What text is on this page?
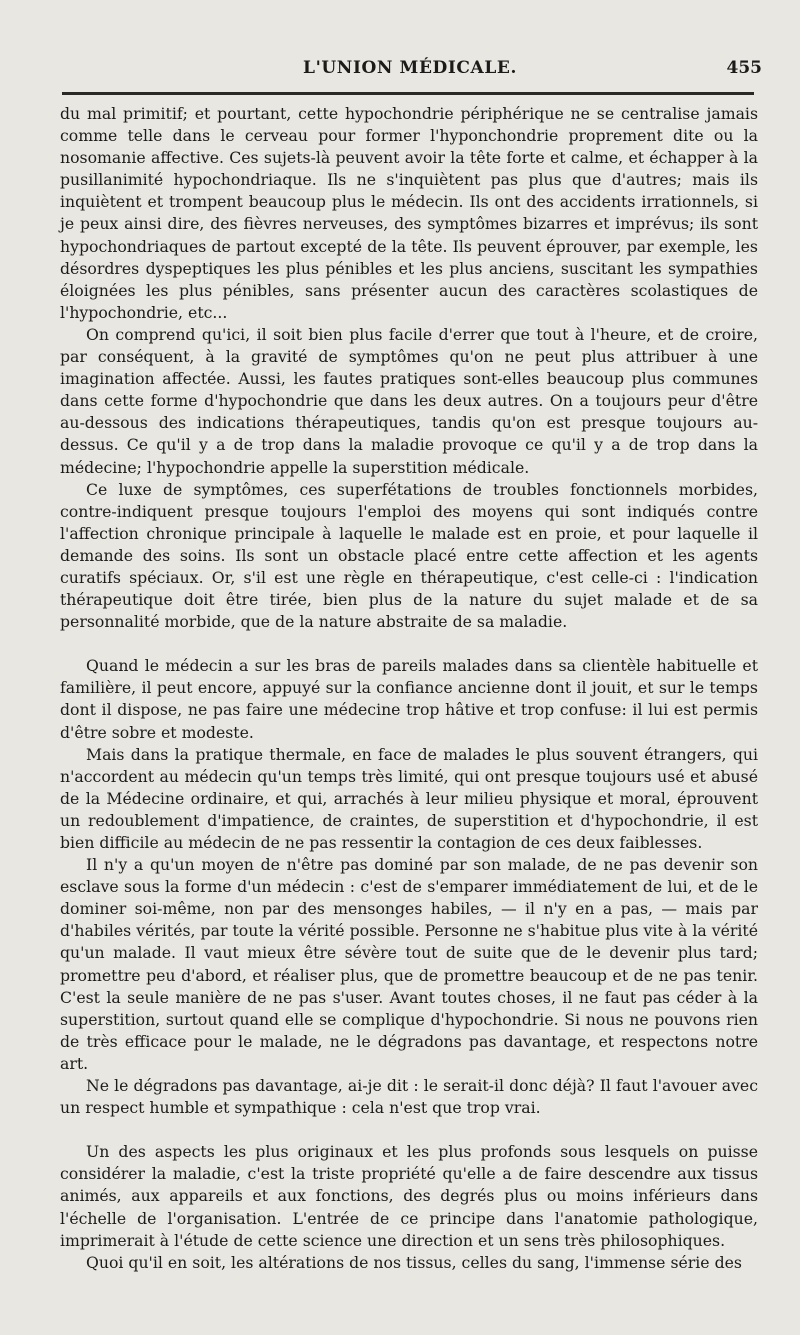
L'UNION MÉDICALE.	455

du mal primitif; et pourtant, cette hypochondrie périphérique ne se centralise jamais comme telle dans le cerveau pour former l'hyponchondrie proprement dite ou la nosomanie affective. Ces sujets-là peuvent avoir la tête forte et calme, et échapper à la pusillanimité hypochondriaque. Ils ne s'inquiètent pas plus que d'autres; mais ils inquiètent et trompent beaucoup plus le médecin. Ils ont des accidents irrationnels, si je peux ainsi dire, des fièvres nerveuses, des symptômes bizarres et imprévus; ils sont hypochondriaques de partout excepté de la tête. Ils peuvent éprouver, par exemple, les désordres dyspeptiques les plus pénibles et les plus anciens, suscitant les sympathies éloignées les plus pénibles, sans présenter aucun des caractères scolastiques de l'hypochondrie, etc...

On comprend qu'ici, il soit bien plus facile d'errer que tout à l'heure, et de croire, par conséquent, à la gravité de symptômes qu'on ne peut plus attribuer à une imagination affectée. Aussi, les fautes pratiques sont-elles beaucoup plus communes dans cette forme d'hypochondrie que dans les deux autres. On a toujours peur d'être au-dessous des indications thérapeutiques, tandis qu'on est presque toujours au-dessus. Ce qu'il y a de trop dans la maladie provoque ce qu'il y a de trop dans la médecine; l'hypochondrie appelle la superstition médicale.

Ce luxe de symptômes, ces superfétations de troubles fonctionnels morbides, contre-indiquent presque toujours l'emploi des moyens qui sont indiqués contre l'affection chronique principale à laquelle le malade est en proie, et pour laquelle il demande des soins. Ils sont un obstacle placé entre cette affection et les agents curatifs spéciaux. Or, s'il est une règle en thérapeutique, c'est celle-ci : l'indication thérapeutique doit être tirée, bien plus de la nature du sujet malade et de sa personnalité morbide, que de la nature abstraite de sa maladie.

Quand le médecin a sur les bras de pareils malades dans sa clientèle habituelle et familière, il peut encore, appuyé sur la confiance ancienne dont il jouit, et sur le temps dont il dispose, ne pas faire une médecine trop hâtive et trop confuse: il lui est permis d'être sobre et modeste.

Mais dans la pratique thermale, en face de malades le plus souvent étrangers, qui n'accordent au médecin qu'un temps très limité, qui ont presque toujours usé et abusé de la Médecine ordinaire, et qui, arrachés à leur milieu physique et moral, éprouvent un redoublement d'impatience, de craintes, de superstition et d'hypochondrie, il est bien difficile au médecin de ne pas ressentir la contagion de ces deux faiblesses.

Il n'y a qu'un moyen de n'être pas dominé par son malade, de ne pas devenir son esclave sous la forme d'un médecin : c'est de s'emparer immédiatement de lui, et de le dominer soi-même, non par des mensonges habiles, — il n'y en a pas, — mais par d'habiles vérités, par toute la vérité possible. Personne ne s'habitue plus vite à la vérité qu'un malade. Il vaut mieux être sévère tout de suite que de le devenir plus tard; promettre peu d'abord, et réaliser plus, que de promettre beaucoup et de ne pas tenir. C'est la seule manière de ne pas s'user. Avant toutes choses, il ne faut pas céder à la superstition, surtout quand elle se complique d'hypochondrie. Si nous ne pouvons rien de très efficace pour le malade, ne le dégradons pas davantage, et respectons notre art.

Ne le dégradons pas davantage, ai-je dit : le serait-il donc déjà? Il faut l'avouer avec un respect humble et sympathique : cela n'est que trop vrai.

Un des aspects les plus originaux et les plus profonds sous lesquels on puisse considérer la maladie, c'est la triste propriété qu'elle a de faire descendre aux tissus animés, aux appareils et aux fonctions, des degrés plus ou moins inférieurs dans l'échelle de l'organisation. L'entrée de ce principe dans l'anatomie pathologique, imprimerait à l'étude de cette science une direction et un sens très philosophiques.

Quoi qu'il en soit, les altérations de nos tissus, celles du sang, l'immense série des
